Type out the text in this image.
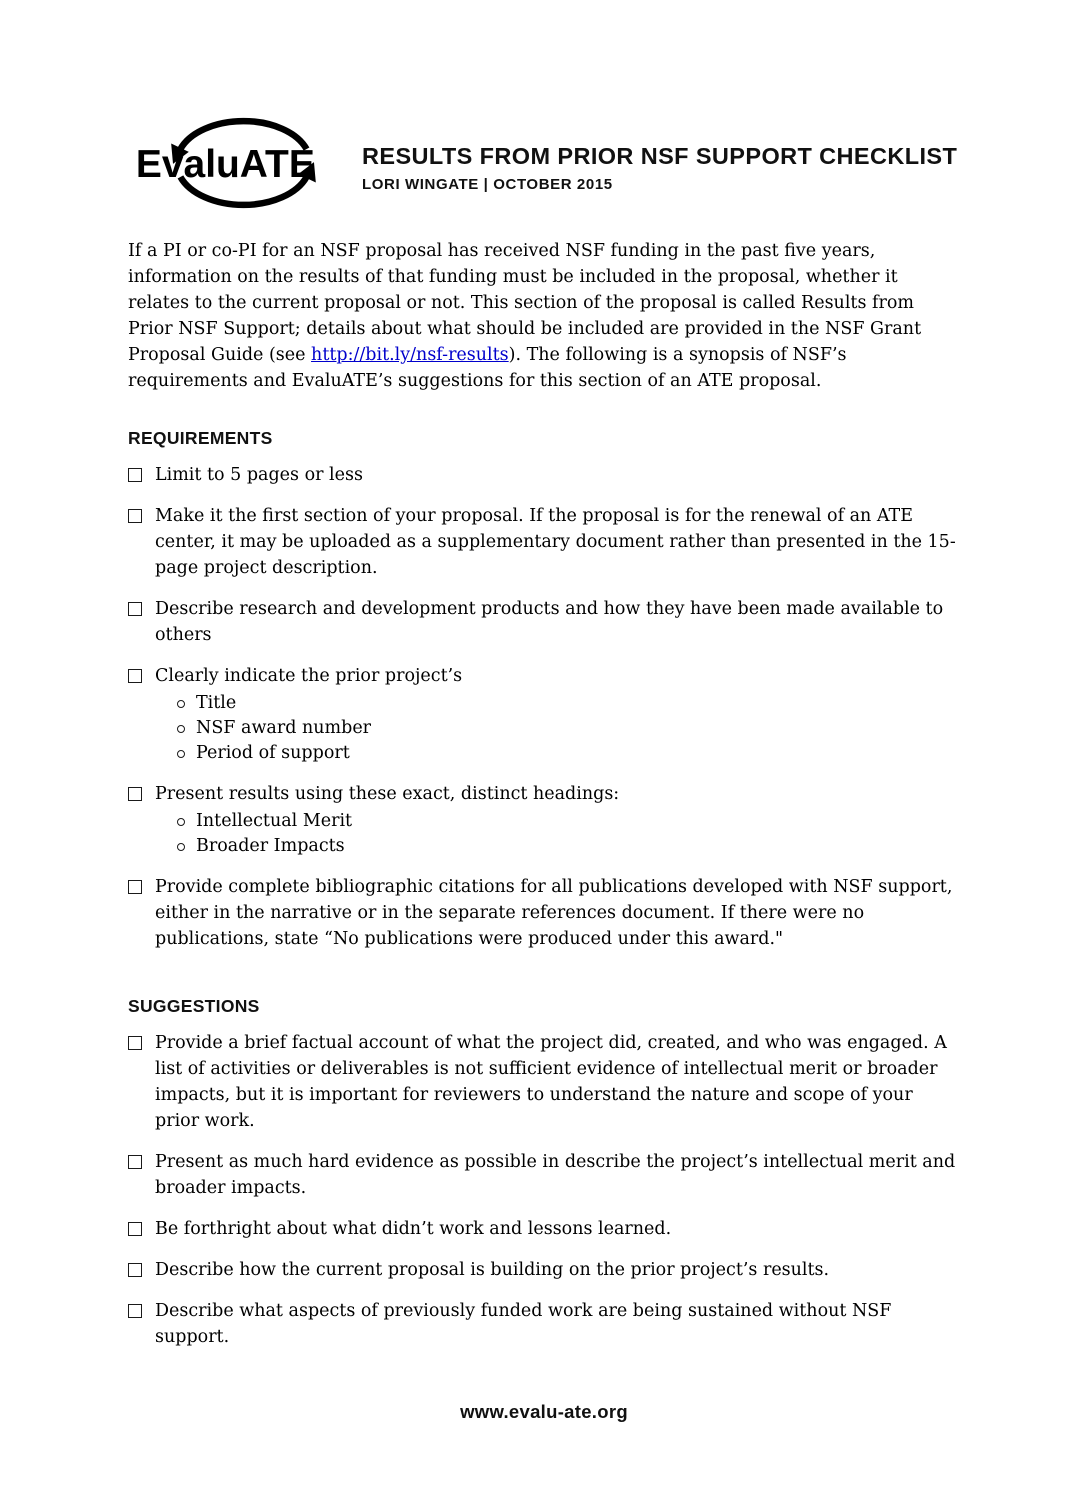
EvaluATE RESULTS FROM PRIOR NSF SUPPORT CHECKLIST
LORI WINGATE | OCTOBER 2015

If a PI or co-PI for an NSF proposal has received NSF funding in the past five years, information on the results of that funding must be included in the proposal, whether it relates to the current proposal or not. This section of the proposal is called Results from Prior NSF Support; details about what should be included are provided in the NSF Grant Proposal Guide (see http://bit.ly/nsf-results). The following is a synopsis of NSF’s requirements and EvaluATE’s suggestions for this section of an ATE proposal.

REQUIREMENTS
Limit to 5 pages or less
Make it the first section of your proposal. If the proposal is for the renewal of an ATE center, it may be uploaded as a supplementary document rather than presented in the 15-page project description.
Describe research and development products and how they have been made available to others
Clearly indicate the prior project’s
Title
NSF award number
Period of support
Present results using these exact, distinct headings:
Intellectual Merit
Broader Impacts
Provide complete bibliographic citations for all publications developed with NSF support, either in the narrative or in the separate references document. If there were no publications, state “No publications were produced under this award."
SUGGESTIONS
Provide a brief factual account of what the project did, created, and who was engaged. A list of activities or deliverables is not sufficient evidence of intellectual merit or broader impacts, but it is important for reviewers to understand the nature and scope of your prior work.
Present as much hard evidence as possible in describe the project’s intellectual merit and broader impacts.
Be forthright about what didn’t work and lessons learned.
Describe how the current proposal is building on the prior project’s results.
Describe what aspects of previously funded work are being sustained without NSF support.
www.evalu-ate.org
